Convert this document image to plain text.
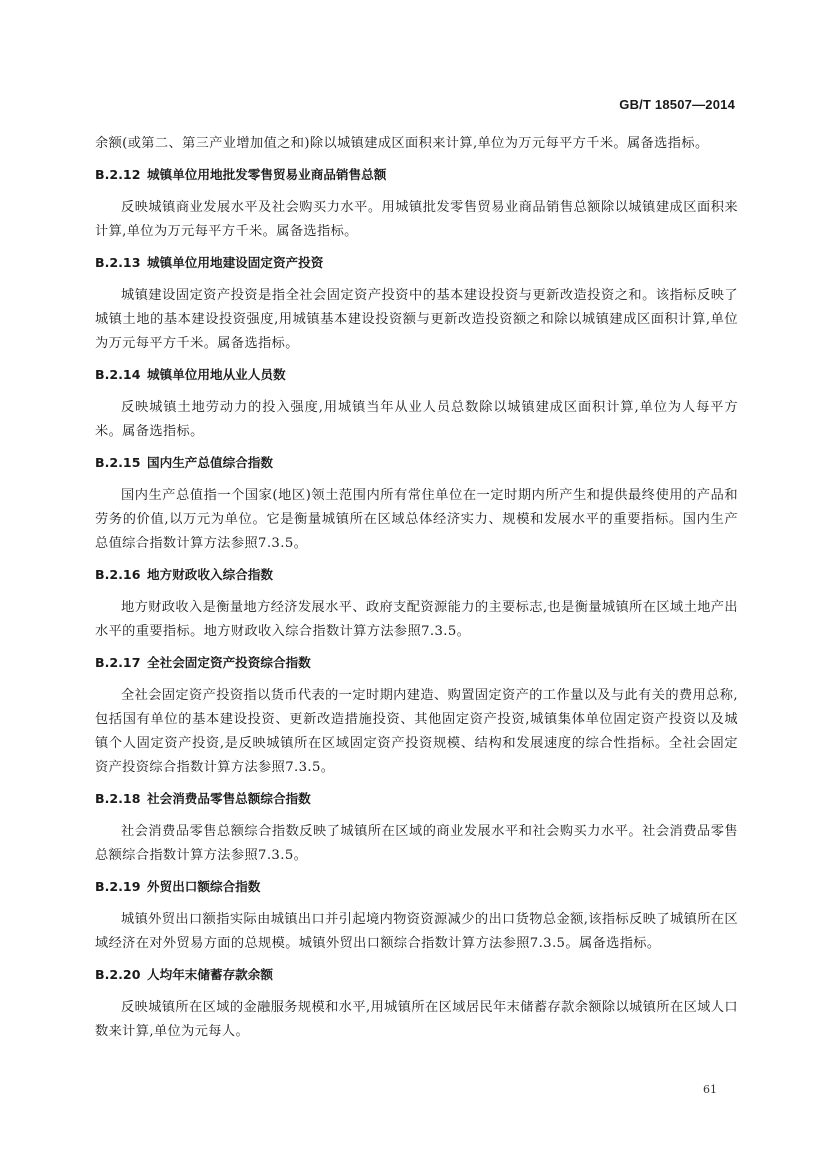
GB/T 18507—2014

余额(或第二、第三产业增加值之和)除以城镇建成区面积来计算,单位为万元每平方千米。属备选指标。

B.2.12 城镇单位用地批发零售贸易业商品销售总额

反映城镇商业发展水平及社会购买力水平。用城镇批发零售贸易业商品销售总额除以城镇建成区面积来计算,单位为万元每平方千米。属备选指标。

B.2.13 城镇单位用地建设固定资产投资

城镇建设固定资产投资是指全社会固定资产投资中的基本建设投资与更新改造投资之和。该指标反映了城镇土地的基本建设投资强度,用城镇基本建设投资额与更新改造投资额之和除以城镇建成区面积计算,单位为万元每平方千米。属备选指标。

B.2.14 城镇单位用地从业人员数

反映城镇土地劳动力的投入强度,用城镇当年从业人员总数除以城镇建成区面积计算,单位为人每平方米。属备选指标。

B.2.15 国内生产总值综合指数

国内生产总值指一个国家(地区)领土范围内所有常住单位在一定时期内所产生和提供最终使用的产品和劳务的价值,以万元为单位。它是衡量城镇所在区域总体经济实力、规模和发展水平的重要指标。国内生产总值综合指数计算方法参照7.3.5。

B.2.16 地方财政收入综合指数

地方财政收入是衡量地方经济发展水平、政府支配资源能力的主要标志,也是衡量城镇所在区域土地产出水平的重要指标。地方财政收入综合指数计算方法参照7.3.5。

B.2.17 全社会固定资产投资综合指数

全社会固定资产投资指以货币代表的一定时期内建造、购置固定资产的工作量以及与此有关的费用总称,包括国有单位的基本建设投资、更新改造措施投资、其他固定资产投资,城镇集体单位固定资产投资以及城镇个人固定资产投资,是反映城镇所在区域固定资产投资规模、结构和发展速度的综合性指标。全社会固定资产投资综合指数计算方法参照7.3.5。

B.2.18 社会消费品零售总额综合指数

社会消费品零售总额综合指数反映了城镇所在区域的商业发展水平和社会购买力水平。社会消费品零售总额综合指数计算方法参照7.3.5。

B.2.19 外贸出口额综合指数

城镇外贸出口额指实际由城镇出口并引起境内物资资源减少的出口货物总金额,该指标反映了城镇所在区域经济在对外贸易方面的总规模。城镇外贸出口额综合指数计算方法参照7.3.5。属备选指标。

B.2.20 人均年末储蓄存款余额

反映城镇所在区域的金融服务规模和水平,用城镇所在区域居民年末储蓄存款余额除以城镇所在区域人口数来计算,单位为元每人。

61
